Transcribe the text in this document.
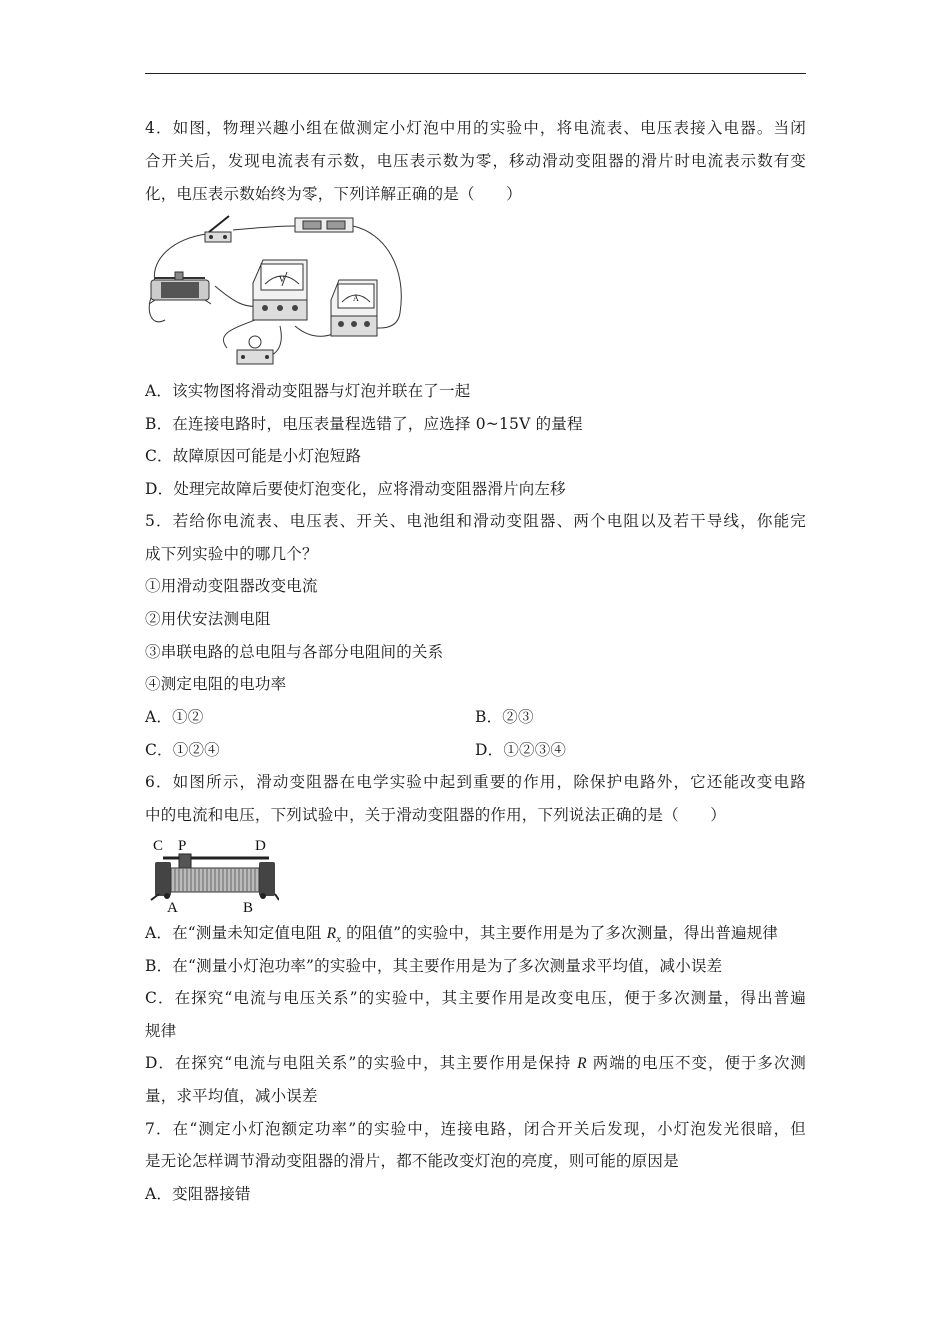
4．如图，物理兴趣小组在做测定小灯泡中用的实验中，将电流表、电压表接入电器。当闭
合开关后，发现电流表有示数，电压表示数为零，移动滑动变阻器的滑片时电流表示数有变
化，电压表示数始终为零，下列详解正确的是（　　）
V
A
A．该实物图将滑动变阻器与灯泡并联在了一起
B．在连接电路时，电压表量程选错了，应选择 0~15V 的量程
C．故障原因可能是小灯泡短路
D．处理完故障后要使灯泡变化，应将滑动变阻器滑片向左移
5．若给你电流表、电压表、开关、电池组和滑动变阻器、两个电阻以及若干导线，你能完
成下列实验中的哪几个？
①用滑动变阻器改变电流
②用伏安法测电阻
③串联电路的总电阻与各部分电阻间的关系
④测定电阻的电功率
A．①②	B．②③
C．①②④	D．①②③④
6．如图所示，滑动变阻器在电学实验中起到重要的作用，除保护电路外，它还能改变电路
中的电流和电压，下列试验中，关于滑动变阻器的作用，下列说法正确的是（　　）
C P	D
A	B
A．在“测量未知定值电阻 $R_x$ 的阻值”的实验中，其主要作用是为了多次测量，得出普遍规律
B．在“测量小灯泡功率”的实验中，其主要作用是为了多次测量求平均值，减小误差
C．在探究“电流与电压关系”的实验中，其主要作用是改变电压，便于多次测量，得出普遍
规律
D．在探究“电流与电阻关系”的实验中，其主要作用是保持 R 两端的电压不变，便于多次测
量，求平均值，减小误差
7．在“测定小灯泡额定功率”的实验中，连接电路，闭合开关后发现，小灯泡发光很暗，但
是无论怎样调节滑动变阻器的滑片，都不能改变灯泡的亮度，则可能的原因是
A．变阻器接错
